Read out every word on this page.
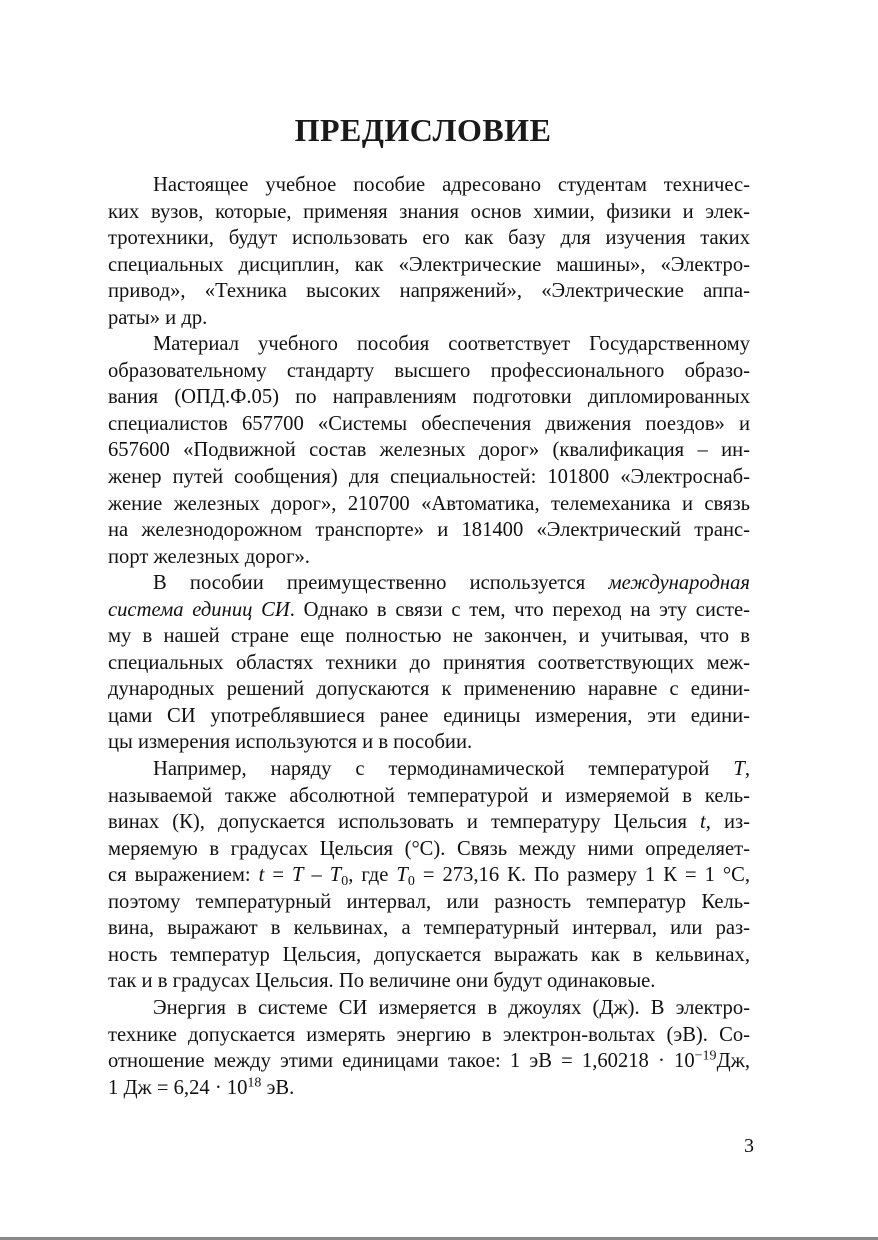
ПРЕДИСЛОВИЕ
Настоящее учебное пособие адресовано студентам техничес-
ких вузов, которые, применяя знания основ химии, физики и элек-
тротехники, будут использовать его как базу для изучения таких
специальных дисциплин, как «Электрические машины», «Электро-
привод», «Техника высоких напряжений», «Электрические аппа-
раты» и др.
Материал учебного пособия соответствует Государственному
образовательному стандарту высшего профессионального образо-
вания (ОПД.Ф.05) по направлениям подготовки дипломированных
специалистов 657700 «Системы обеспечения движения поездов» и
657600 «Подвижной состав железных дорог» (квалификация – ин-
женер путей сообщения) для специальностей: 101800 «Электроснаб-
жение железных дорог», 210700 «Автоматика, телемеханика и связь
на железнодорожном транспорте» и 181400 «Электрический транс-
порт железных дорог».
В пособии преимущественно используется международная
система единиц СИ. Однако в связи с тем, что переход на эту систе-
му в нашей стране еще полностью не закончен, и учитывая, что в
специальных областях техники до принятия соответствующих меж-
дународных решений допускаются к применению наравне с едини-
цами СИ употреблявшиеся ранее единицы измерения, эти едини-
цы измерения используются и в пособии.
Например, наряду с термодинамической температурой T,
называемой также абсолютной температурой и измеряемой в кель-
винах (К), допускается использовать и температуру Цельсия t, из-
меряемую в градусах Цельсия (°С). Связь между ними определяет-
ся выражением: $t = T - T_0$, где $T_0 = 273,16$ К. По размеру 1 К = 1 °С,
поэтому температурный интервал, или разность температур Кель-
вина, выражают в кельвинах, а температурный интервал, или раз-
ность температур Цельсия, допускается выражать как в кельвинах,
так и в градусах Цельсия. По величине они будут одинаковые.
Энергия в системе СИ измеряется в джоулях (Дж). В электро-
технике допускается измерять энергию в электрон-вольтах (эВ). Со-
отношение между этими единицами такое: 1 эВ = $1,60218 \cdot 10^{-19}Дж$,
1 Дж = $6,24 \cdot 10^{18}$ эВ.
3
